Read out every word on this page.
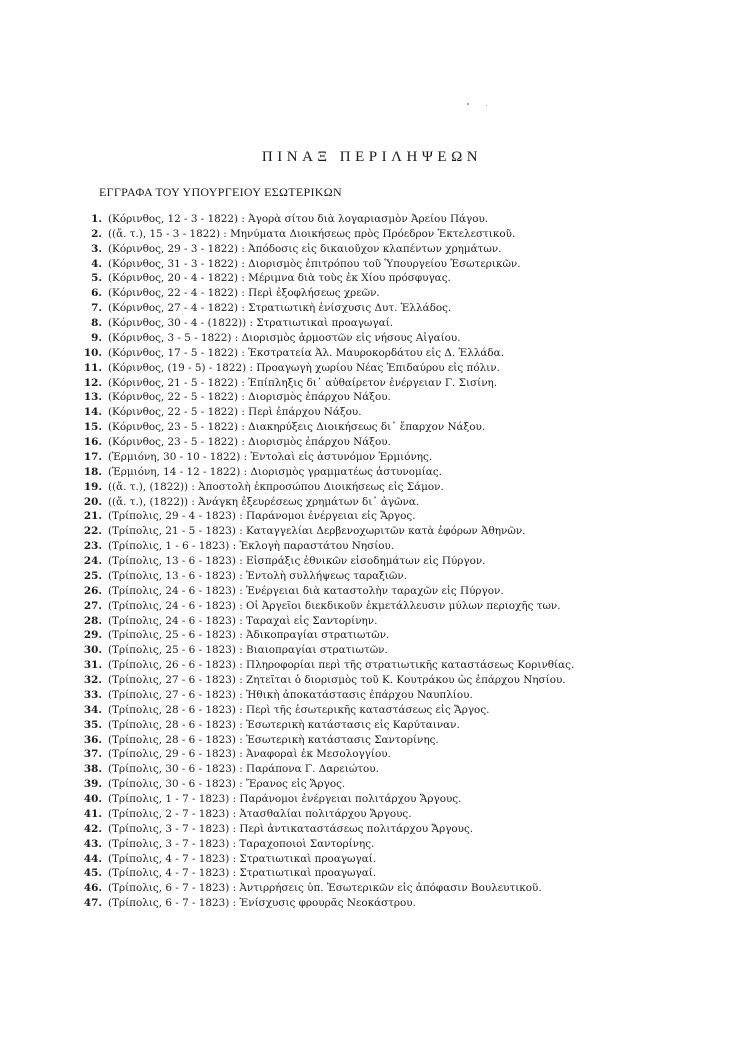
ΠΙΝΑΞ ΠΕΡΙΛΗΨΕΩΝ
ΕΓΓΡΑΦΑ ΤΟΥ ΥΠΟΥΡΓΕΙΟΥ ΕΣΩΤΕΡΙΚΩΝ
1. (Κόρινθος, 12 - 3 - 1822) : Ἀγορὰ σίτου διὰ λογαριασμὸν Ἀρείου Πάγου.
2. ((ἄ. τ.), 15 - 3 - 1822) : Μηνύματα Διοικήσεως πρὸς Πρόεδρον Ἐκτελεστικοῦ.
3. (Κόρινθος, 29 - 3 - 1822) : Ἀπόδοσις εἰς δικαιοῦχον κλαπέντων χρημάτων.
4. (Κόρινθος, 31 - 3 - 1822) : Διορισμὸς ἐπιτρόπου τοῦ Ὑπουργείου Ἐσωτερικῶν.
5. (Κόρινθος, 20 - 4 - 1822) : Μέριμνα διὰ τοὺς ἐκ Χίου πρόσφυγας.
6. (Κόρινθος, 22 - 4 - 1822) : Περὶ ἐξοφλήσεως χρεῶν.
7. (Κόρινθος, 27 - 4 - 1822) : Στρατιωτικὴ ἐνίσχυσις Δυτ. Ἑλλάδος.
8. (Κόρινθος, 30 - 4 - (1822)) : Στρατιωτικαὶ προαγωγαί.
9. (Κόρινθος, 3 - 5 - 1822) : Διορισμὸς ἁρμοστῶν εἰς νήσους Αἰγαίου.
10. (Κόρινθος, 17 - 5 - 1822) : Ἐκστρατεία Ἀλ. Μαυροκορδάτου εἰς Δ. Ἑλλάδα.
11. (Κόρινθος, (19 - 5) - 1822) : Προαγωγὴ χωρίου Νέας Ἐπιδαύρου εἰς πόλιν.
12. (Κόρινθος, 21 - 5 - 1822) : Ἐπίπληξις δι᾽ αὐθαίρετον ἐνέργειαν Γ. Σισίνη.
13. (Κόρινθος, 22 - 5 - 1822) : Διορισμὸς ἐπάρχου Νάξου.
14. (Κόρινθος, 22 - 5 - 1822) : Περὶ ἐπάρχου Νάξου.
15. (Κόρινθος, 23 - 5 - 1822) : Διακηρύξεις Διοικήσεως δι᾽ ἔπαρχον Νάξου.
16. (Κόρινθος, 23 - 5 - 1822) : Διορισμὸς ἐπάρχου Νάξου.
17. (Ἑρμιόνη, 30 - 10 - 1822) : Ἐντολαὶ εἰς ἀστυνόμον Ἑρμιόνης.
18. (Ἑρμιόνη, 14 - 12 - 1822) : Διορισμὸς γραμματέως ἀστυνομίας.
19. ((ἄ. τ.), (1822)) : Ἀποστολὴ ἐκπροσώπου Διοικήσεως εἰς Σάμον.
20. ((ἄ. τ.), (1822)) : Ἀνάγκη ἐξευρέσεως χρημάτων δι᾽ ἀγῶνα.
21. (Τρίπολις, 29 - 4 - 1823) : Παράνομοι ἐνέργειαι εἰς Ἄργος.
22. (Τρίπολις, 21 - 5 - 1823) : Καταγγελίαι Δερβενοχωριτῶν κατὰ ἐφόρων Ἀθηνῶν.
23. (Τρίπολις, 1 - 6 - 1823) : Ἐκλογὴ παραστάτου Νησίου.
24. (Τρίπολις, 13 - 6 - 1823) : Εἰσπράξις ἐθνικῶν εἰσοδημάτων εἰς Πύργον.
25. (Τρίπολις, 13 - 6 - 1823) : Ἐντολὴ συλλήψεως ταραξιῶν.
26. (Τρίπολις, 24 - 6 - 1823) : Ἐνέργειαι διὰ καταστολὴν ταραχῶν εἰς Πύργον.
27. (Τρίπολις, 24 - 6 - 1823) : Οἱ Ἀργεῖοι διεκδικοῦν ἐκμετάλλευσιν μύλων περιοχῆς των.
28. (Τρίπολις, 24 - 6 - 1823) : Ταραχαὶ εἰς Σαντορίνην.
29. (Τρίπολις, 25 - 6 - 1823) : Ἀδικοπραγίαι στρατιωτῶν.
30. (Τρίπολις, 25 - 6 - 1823) : Βιαιοπραγίαι στρατιωτῶν.
31. (Τρίπολις, 26 - 6 - 1823) : Πληροφορίαι περὶ τῆς στρατιωτικῆς καταστάσεως Κορινθίας.
32. (Τρίπολις, 27 - 6 - 1823) : Ζητεῖται ὁ διορισμὸς τοῦ Κ. Κουτράκου ὡς ἐπάρχου Νησίου.
33. (Τρίπολις, 27 - 6 - 1823) : Ἠθικὴ ἀποκατάστασις ἐπάρχου Ναυπλίου.
34. (Τρίπολις, 28 - 6 - 1823) : Περὶ τῆς ἐσωτερικῆς καταστάσεως εἰς Ἄργος.
35. (Τρίπολις, 28 - 6 - 1823) : Ἐσωτερικὴ κατάστασις εἰς Καρύταιναν.
36. (Τρίπολις, 28 - 6 - 1823) : Ἐσωτερικὴ κατάστασις Σαντορίνης.
37. (Τρίπολις, 29 - 6 - 1823) : Ἀναφοραὶ ἐκ Μεσολογγίου.
38. (Τρίπολις, 30 - 6 - 1823) : Παράπονα Γ. Δαρειώτου.
39. (Τρίπολις, 30 - 6 - 1823) : Ἔρανος εἰς Ἄργος.
40. (Τρίπολις, 1 - 7 - 1823) : Παράνομοι ἐνέργειαι πολιτάρχου Ἄργους.
41. (Τρίπολις, 2 - 7 - 1823) : Ἀτασθαλίαι πολιτάρχου Ἄργους.
42. (Τρίπολις, 3 - 7 - 1823) : Περὶ ἀντικαταστάσεως πολιτάρχου Ἄργους.
43. (Τρίπολις, 3 - 7 - 1823) : Ταραχοποιοὶ Σαντορίνης.
44. (Τρίπολις, 4 - 7 - 1823) : Στρατιωτικαὶ προαγωγαί.
45. (Τρίπολις, 4 - 7 - 1823) : Στρατιωτικαὶ προαγωγαί.
46. (Τρίπολις, 6 - 7 - 1823) : Ἀντιρρήσεις ὑπ. Ἐσωτερικῶν εἰς ἀπόφασιν Βουλευτικοῦ.
47. (Τρίπολις, 6 - 7 - 1823) : Ἐνίσχυσις φρουρᾶς Νεοκάστρου.
